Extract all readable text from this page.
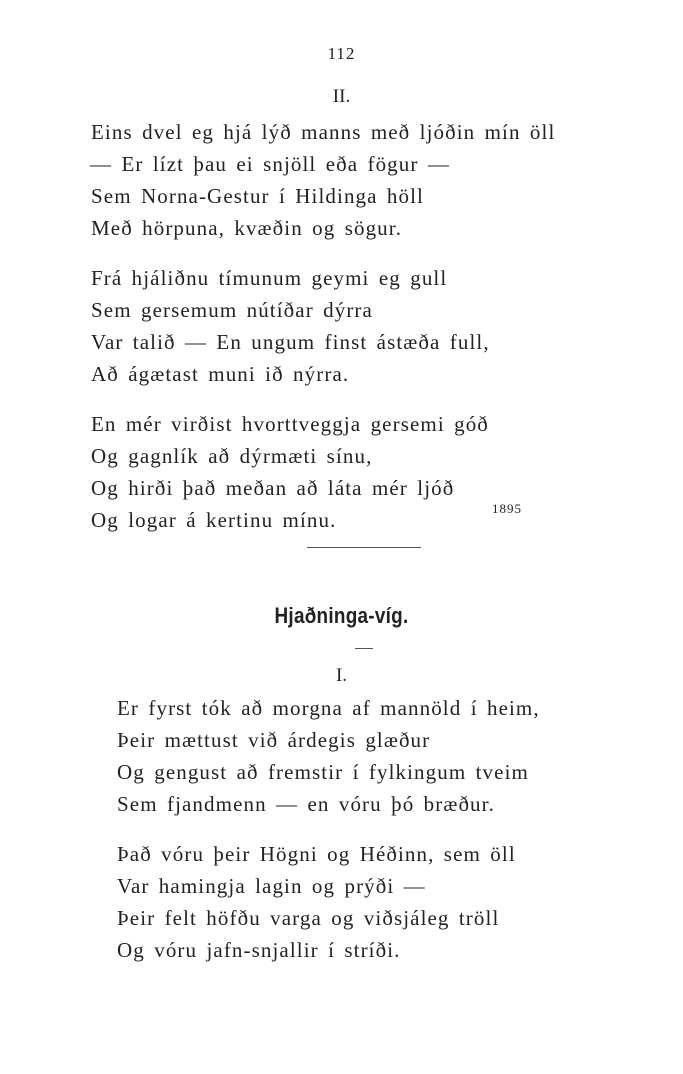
112
II.
Eins dvel eg hjá lýð manns með ljóðin mín öll
— Er lízt þau ei snjöll eða fögur —
Sem Norna-Gestur í Hildinga höll
Með hörpuna, kvæðin og sögur.
Frá hjáliðnu tímunum geymi eg gull
Sem gersemum nútíðar dýrra
Var talið — En ungum finst ástæða full,
Að ágætast muni ið nýrra.
En mér virðist hvorttveggja gersemi góð
Og gagnlík að dýrmæti sínu,
Og hirði það meðan að láta mér ljóð
Og logar á kertinu mínu.	1895
Hjaðninga-víg.
I.
Er fyrst tók að morgna af mannöld í heim,
Þeir mættust við árdegis glæður
Og gengust að fremstir í fylkingum tveim
Sem fjandmenn — en vóru þó bræður.
Það vóru þeir Högni og Héðinn, sem öll
Var hamingja lagin og prýði —
Þeir felt höfðu varga og viðsjáleg tröll
Og vóru jafn-snjallir í stríði.
